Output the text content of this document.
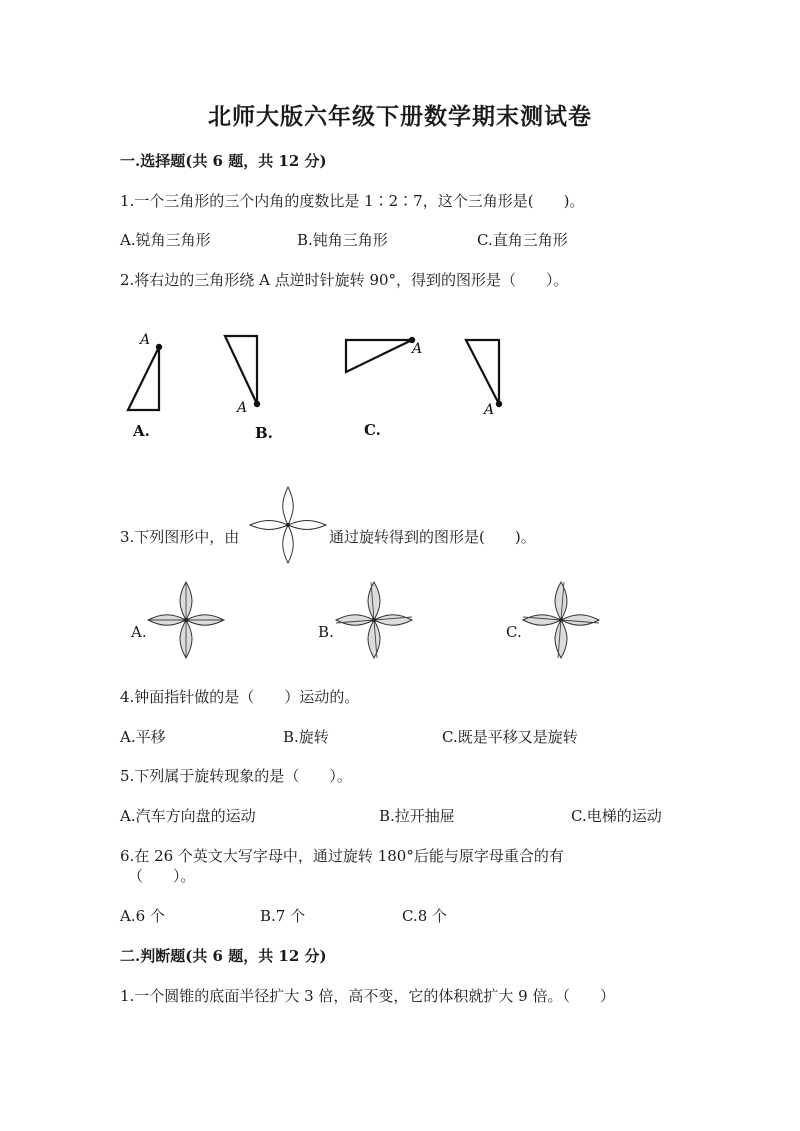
北师大版六年级下册数学期末测试卷
一.选择题(共 6 题，共 12 分)
1.一个三角形的三个内角的度数比是 1∶2∶7，这个三角形是(　　)。
A.锐角三角形	B.钝角三角形	C.直角三角形
2.将右边的三角形绕 A 点逆时针旋转 90°，得到的图形是（　　）。
A
A
A
A
A.	B.	C.
3.下列图形中，由	通过旋转得到的图形是(　　)。
A.	B.	C.
4.钟面指针做的是（　　）运动的。
A.平移	B.旋转	C.既是平移又是旋转
5.下列属于旋转现象的是（　　）。
A.汽车方向盘的运动	B.拉开抽屉	C.电梯的运动
6.在 26 个英文大写字母中，通过旋转 180°后能与原字母重合的有
（　　）。
A.6 个	B.7 个	C.8 个
二.判断题(共 6 题，共 12 分)
1.一个圆锥的底面半径扩大 3 倍，高不变，它的体积就扩大 9 倍。（　　）
